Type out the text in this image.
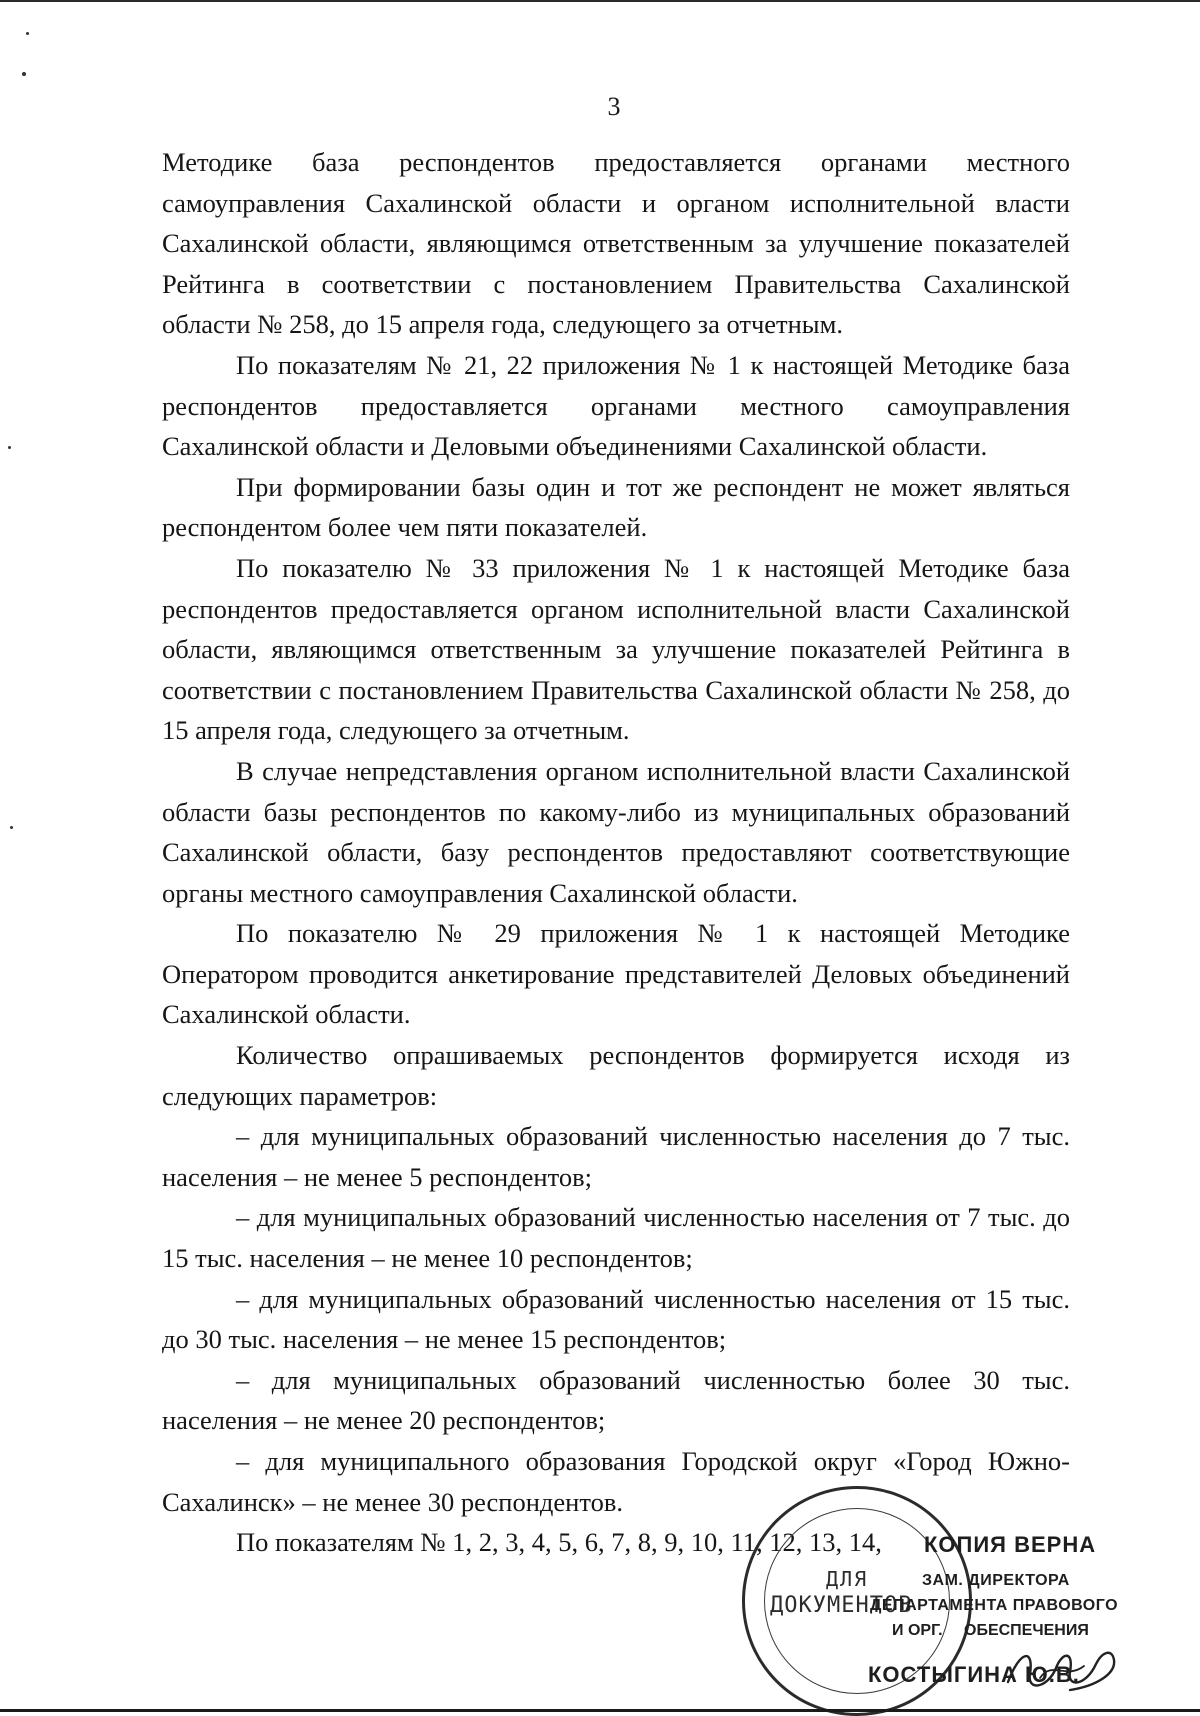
3

Методике база респондентов предоставляется органами местного самоуправления Сахалинской области и органом исполнительной власти Сахалинской области, являющимся ответственным за улучшение показателей Рейтинга в соответствии с постановлением Правительства Сахалинской области № 258, до 15 апреля года, следующего за отчетным.

По показателям № 21, 22 приложения № 1 к настоящей Методике база респондентов предоставляется органами местного самоуправления Сахалинской области и Деловыми объединениями Сахалинской области.

При формировании базы один и тот же респондент не может являться респондентом более чем пяти показателей.

По показателю № 33 приложения № 1 к настоящей Методике база респондентов предоставляется органом исполнительной власти Сахалинской области, являющимся ответственным за улучшение показателей Рейтинга в соответствии с постановлением Правительства Сахалинской области № 258, до 15 апреля года, следующего за отчетным.

В случае непредставления органом исполнительной власти Сахалинской области базы респондентов по какому-либо из муниципальных образований Сахалинской области, базу респондентов предоставляют соответствующие органы местного самоуправления Сахалинской области.

По показателю № 29 приложения № 1 к настоящей Методике Оператором проводится анкетирование представителей Деловых объединений Сахалинской области.

Количество опрашиваемых респондентов формируется исходя из следующих параметров:

– для муниципальных образований численностью населения до 7 тыс. населения – не менее 5 респондентов;

– для муниципальных образований численностью населения от 7 тыс. до 15 тыс. населения – не менее 10 респондентов;

– для муниципальных образований численностью населения от 15 тыс. до 30 тыс. населения – не менее 15 респондентов;

– для муниципальных образований численностью более 30 тыс. населения – не менее 20 респондентов;

– для муниципального образования Городской округ «Город Южно-Сахалинск» – не менее 30 респондентов.

По показателям № 1, 2, 3, 4, 5, 6, 7, 8, 9, 10, 11, 12, 13, 14,

ДЛЯ
ДОКУМЕНТОВ
КОПИЯ ВЕРНА
ЗАМ. ДИРЕКТОРА
ДЕПАРТАМЕНТА ПРАВОВОГО
И ОРГ. ОБЕСПЕЧЕНИЯ
КОСТЫГИНА Ю.В.
